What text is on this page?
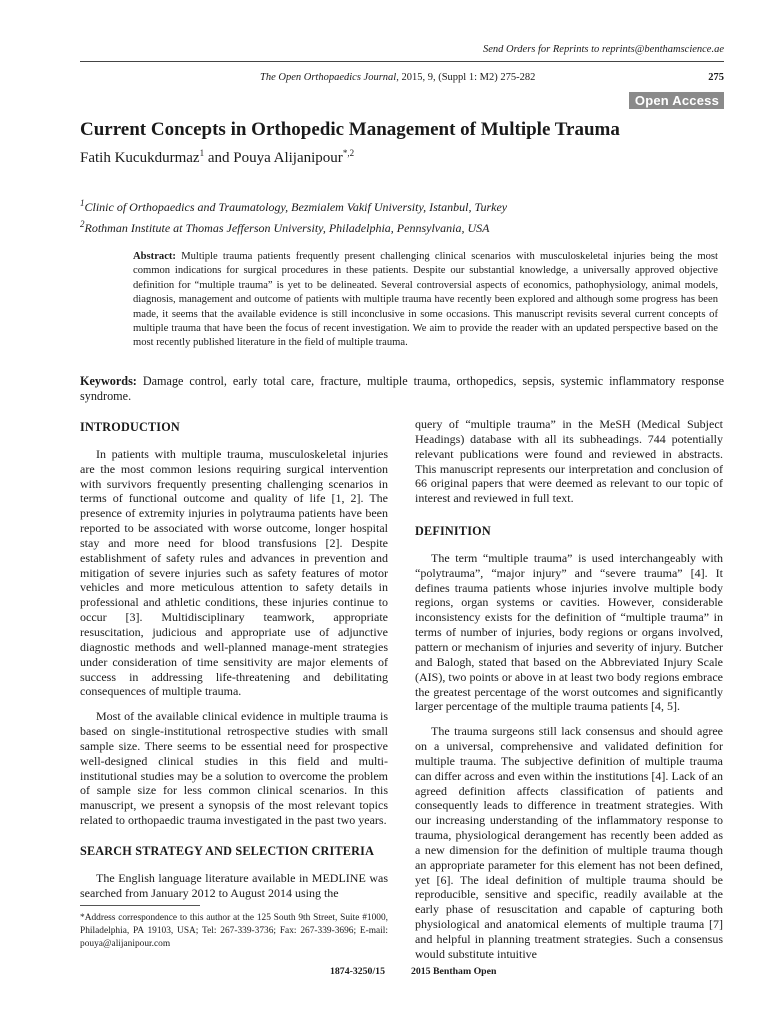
Send Orders for Reprints to reprints@benthamscience.ae
The Open Orthopaedics Journal, 2015, 9, (Suppl 1: M2) 275-282	275
Open Access
Current Concepts in Orthopedic Management of Multiple Trauma
Fatih Kucukdurmaz$^1$ and Pouya Alijanipour$^{*,2}$
$^1$Clinic of Orthopaedics and Traumatology, Bezmialem Vakif University, Istanbul, Turkey
$^2$Rothman Institute at Thomas Jefferson University, Philadelphia, Pennsylvania, USA
Abstract: Multiple trauma patients frequently present challenging clinical scenarios with musculoskeletal injuries being the most common indications for surgical procedures in these patients. Despite our substantial knowledge, a universally approved objective definition for “multiple trauma” is yet to be delineated. Several controversial aspects of economics, pathophysiology, animal models, diagnosis, management and outcome of patients with multiple trauma have recently been explored and although some progress has been made, it seems that the available evidence is still inconclusive in some occasions. This manuscript revisits several current concepts of multiple trauma that have been the focus of recent investigation. We aim to provide the reader with an updated perspective based on the most recently published literature in the field of multiple trauma.
Keywords: Damage control, early total care, fracture, multiple trauma, orthopedics, sepsis, systemic inflammatory response syndrome.
INTRODUCTION

In patients with multiple trauma, musculoskeletal injuries are the most common lesions requiring surgical intervention with survivors frequently presenting challenging scenarios in terms of functional outcome and quality of life [1, 2]. The presence of extremity injuries in polytrauma patients have been reported to be associated with worse outcome, longer hospital stay and more need for blood transfusions [2]. Despite establishment of safety rules and advances in prevention and mitigation of severe injuries such as safety features of motor vehicles and more meticulous attention to safety details in professional and athletic conditions, these injuries continue to occur [3]. Multidisciplinary teamwork, appropriate resuscitation, judicious and appropriate use of adjunctive diagnostic methods and well-planned manage-ment strategies under consideration of time sensitivity are major elements of success in addressing life-threatening and debilitating consequences of multiple trauma.

Most of the available clinical evidence in multiple trauma is based on single-institutional retrospective studies with small sample size. There seems to be essential need for prospective well-designed clinical studies in this field and multi-institutional studies may be a solution to overcome the problem of sample size for less common clinical scenarios. In this manuscript, we present a synopsis of the most relevant topics related to orthopaedic trauma investigated in the past two years.

SEARCH STRATEGY AND SELECTION CRITERIA

The English language literature available in MEDLINE was searched from January 2012 to August 2014 using the

query of “multiple trauma” in the MeSH (Medical Subject Headings) database with all its subheadings. 744 potentially relevant publications were found and reviewed in abstracts. This manuscript represents our interpretation and conclusion of 66 original papers that were deemed as relevant to our topic of interest and reviewed in full text.

DEFINITION

The term “multiple trauma” is used interchangeably with “polytrauma”, “major injury” and “severe trauma” [4]. It defines trauma patients whose injuries involve multiple body regions, organ systems or cavities. However, considerable inconsistency exists for the definition of “multiple trauma” in terms of number of injuries, body regions or organs involved, pattern or mechanism of injuries and severity of injury. Butcher and Balogh, stated that based on the Abbreviated Injury Scale (AIS), two points or above in at least two body regions embrace the greatest percentage of the worst outcomes and significantly larger percentage of the multiple trauma patients [4, 5].

The trauma surgeons still lack consensus and should agree on a universal, comprehensive and validated definition for multiple trauma. The subjective definition of multiple trauma can differ across and even within the institutions [4]. Lack of an agreed definition affects classification of patients and consequently leads to difference in treatment strategies. With our increasing understanding of the inflammatory response to trauma, physiological derangement has recently been added as a new dimension for the definition of multiple trauma though an appropriate parameter for this element has not been defined, yet [6]. The ideal definition of multiple trauma should be reproducible, sensitive and specific, readily available at the early phase of resuscitation and capable of capturing both physiological and anatomical elements of multiple trauma [7] and helpful in planning treatment strategies. Such a consensus would substitute intuitive

*Address correspondence to this author at the 125 South 9th Street, Suite #1000, Philadelphia, PA 19103, USA; Tel: 267-339-3736; Fax: 267-339-3696; E-mail: pouya@alijanipour.com
1874-3250/15	2015 Bentham Open
